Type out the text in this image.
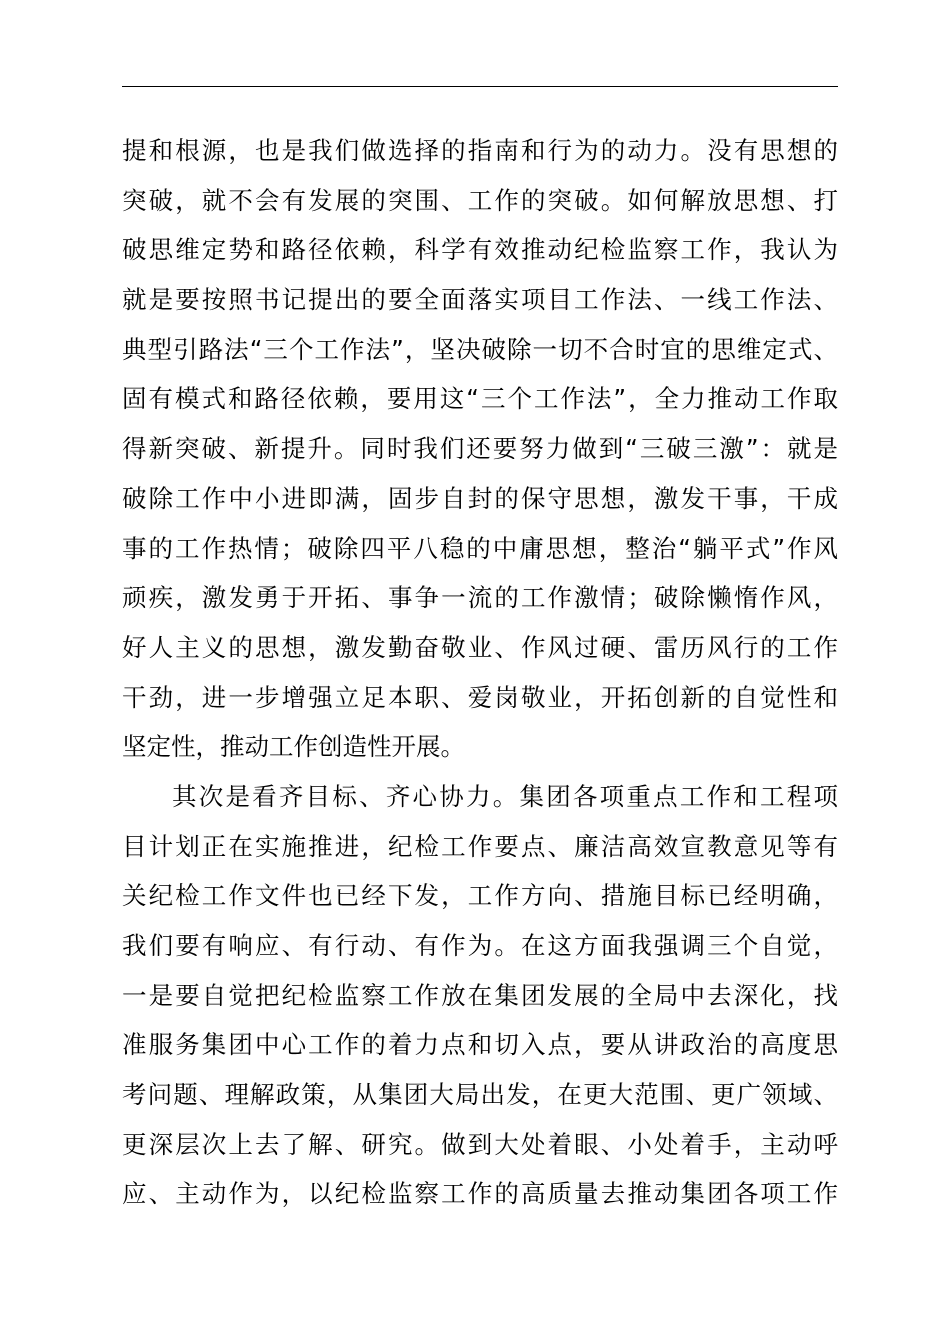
提和根源，也是我们做选择的指南和行为的动力。没有思想的
突破，就不会有发展的突围、工作的突破。如何解放思想、打
破思维定势和路径依赖，科学有效推动纪检监察工作，我认为
就是要按照书记提出的要全面落实项目工作法、一线工作法、
典型引路法“三个工作法”，坚决破除一切不合时宜的思维定式、
固有模式和路径依赖，要用这“三个工作法”，全力推动工作取
得新突破、新提升。同时我们还要努力做到“三破三激”：就是
破除工作中小进即满，固步自封的保守思想，激发干事，干成
事的工作热情；破除四平八稳的中庸思想，整治“躺平式”作风
顽疾，激发勇于开拓、事争一流的工作激情；破除懒惰作风，
好人主义的思想，激发勤奋敬业、作风过硬、雷历风行的工作
干劲，进一步增强立足本职、爱岗敬业，开拓创新的自觉性和
坚定性，推动工作创造性开展。
其次是看齐目标、齐心协力。集团各项重点工作和工程项
目计划正在实施推进，纪检工作要点、廉洁高效宣教意见等有
关纪检工作文件也已经下发，工作方向、措施目标已经明确，
我们要有响应、有行动、有作为。在这方面我强调三个自觉，
一是要自觉把纪检监察工作放在集团发展的全局中去深化，找
准服务集团中心工作的着力点和切入点，要从讲政治的高度思
考问题、理解政策，从集团大局出发，在更大范围、更广领域、
更深层次上去了解、研究。做到大处着眼、小处着手，主动呼
应、主动作为，以纪检监察工作的高质量去推动集团各项工作
